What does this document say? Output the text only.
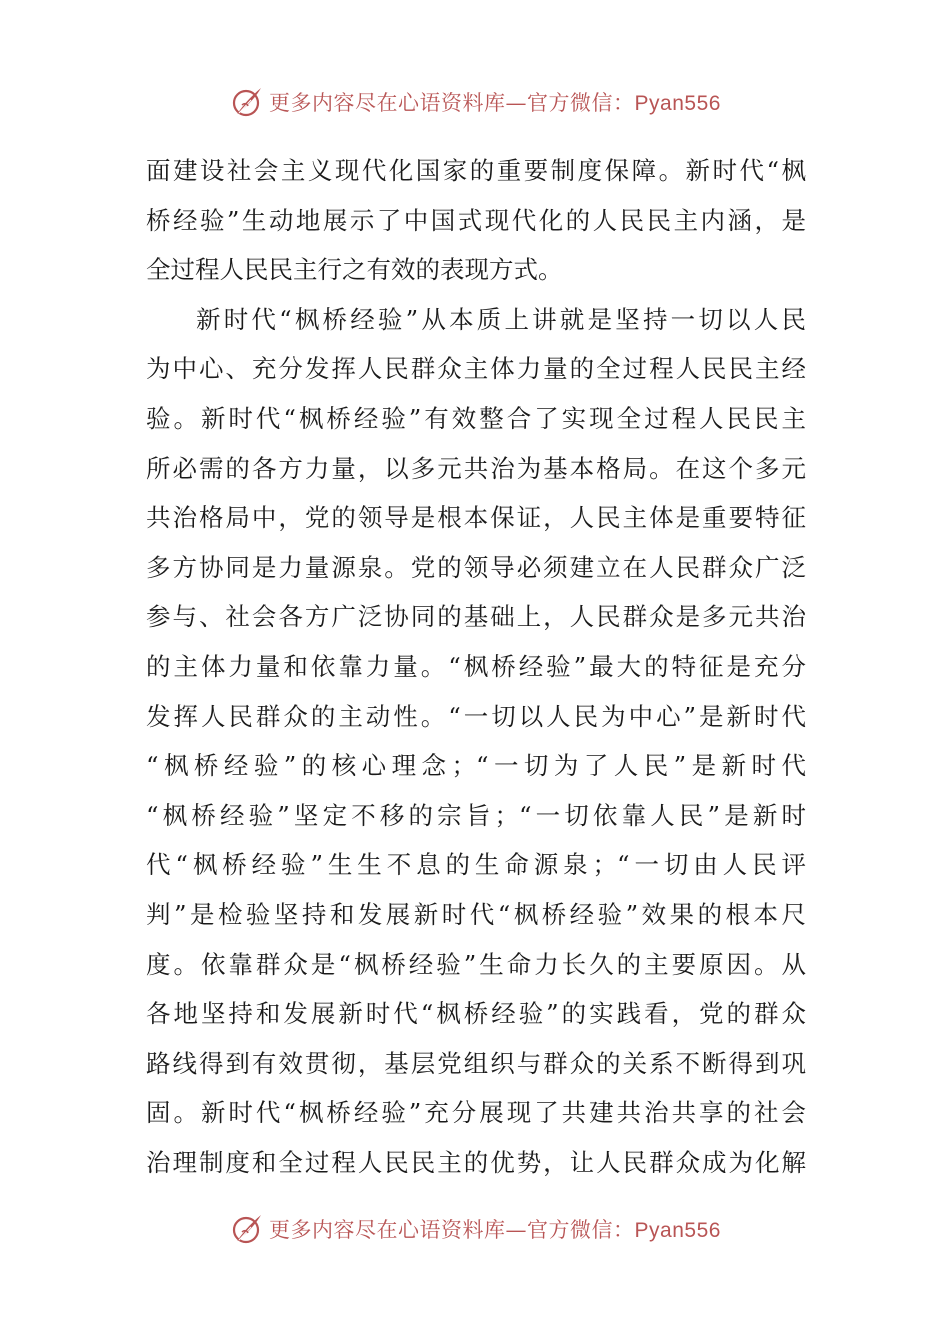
更多内容尽在心语资料库—官方微信：Pyan556
面建设社会主义现代化国家的重要制度保障。新时代“枫
桥经验”生动地展示了中国式现代化的人民民主内涵，是
全过程人民民主行之有效的表现方式。
新时代“枫桥经验”从本质上讲就是坚持一切以人民
为中心、充分发挥人民群众主体力量的全过程人民民主经
验。新时代“枫桥经验”有效整合了实现全过程人民民主
所必需的各方力量，以多元共治为基本格局。在这个多元
共治格局中，党的领导是根本保证，人民主体是重要特征
多方协同是力量源泉。党的领导必须建立在人民群众广泛
参与、社会各方广泛协同的基础上，人民群众是多元共治
的主体力量和依靠力量。“枫桥经验”最大的特征是充分
发挥人民群众的主动性。“一切以人民为中心”是新时代
“枫桥经验”的核心理念；“一切为了人民”是新时代
“枫桥经验”坚定不移的宗旨；“一切依靠人民”是新时
代“枫桥经验”生生不息的生命源泉；“一切由人民评
判”是检验坚持和发展新时代“枫桥经验”效果的根本尺
度。依靠群众是“枫桥经验”生命力长久的主要原因。从
各地坚持和发展新时代“枫桥经验”的实践看，党的群众
路线得到有效贯彻，基层党组织与群众的关系不断得到巩
固。新时代“枫桥经验”充分展现了共建共治共享的社会
治理制度和全过程人民民主的优势，让人民群众成为化解
更多内容尽在心语资料库—官方微信：Pyan556
